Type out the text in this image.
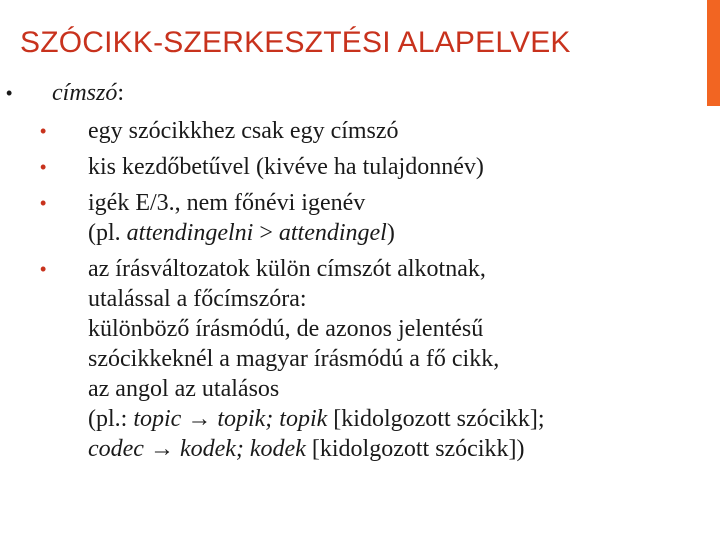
SZÓCIKK-SZERKESZTÉSI ALAPELVEK
• címszó:
• egy szócikkhez csak egy címszó
• kis kezdőbetűvel (kivéve ha tulajdonnév)
• igék E/3., nem főnévi igenév
(pl. attendingelni > attendingel)
• az írásváltozatok külön címszót alkotnak,
utalással a főcímszóra:
különböző írásmódú, de azonos jelentésű
szócikkeknél a magyar írásmódú a fő cikk,
az angol az utalásos
(pl.: topic → topik; topik [kidolgozott szócikk];
codec → kodek; kodek [kidolgozott szócikk])
